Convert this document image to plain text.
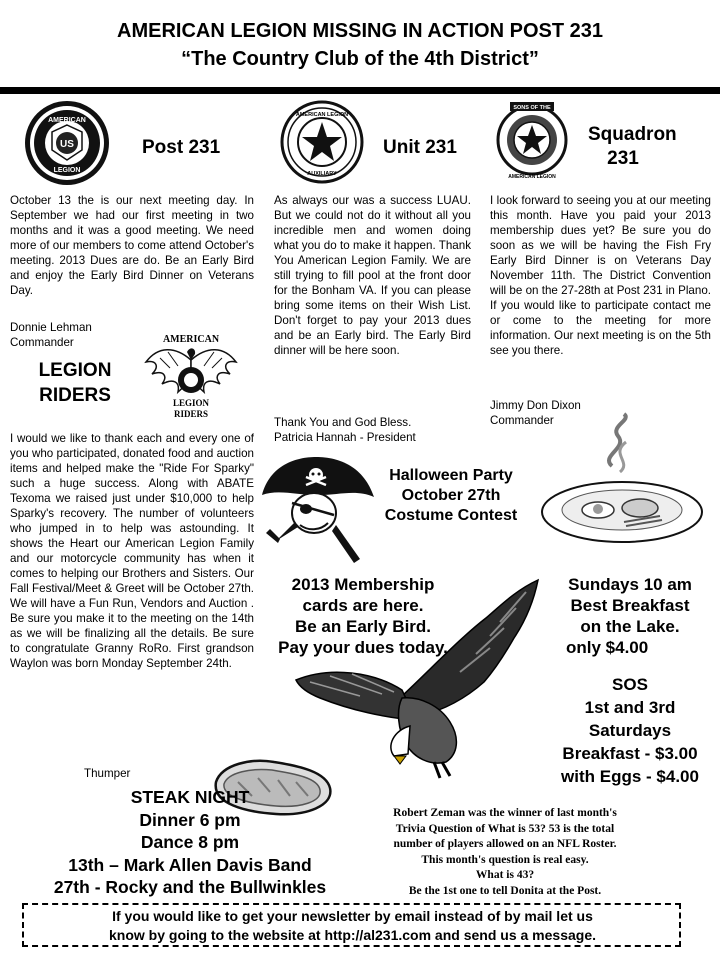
AMERICAN LEGION MISSING IN ACTION POST 231
“The Country Club of the 4th District”
US
AMERICAN
LEGION
Post 231
October 13 the is our next meeting day. In September we had our first meeting in two months and it was a good meeting. We need more of our members to come attend October's meeting. 2013 Dues are do. Be an Early Bird and enjoy the Early Bird Dinner on Veterans Day.
Donnie Lehman
Commander
AMERICAN LEGION
AUXILIARY
Unit 231
As always our was a success LUAU. But we could not do it without all you incredible men and women doing what you do to make it happen. Thank You American Legion Family. We are still trying to fill pool at the front door for the Bonham VA. If you can please bring some items on their Wish List. Don't forget to pay your 2013 dues and be an Early bird. The Early Bird dinner will be here soon.
Thank You and God Bless.
Patricia Hannah - President
SONS OF THE
AMERICAN LEGION
Squadron
231
I look forward to seeing you at our meeting this month. Have you paid your 2013 membership dues yet? Be sure you do soon as we will be having the Fish Fry Early Bird Dinner is on Veterans Day November 11th. The District Convention will be on the 27-28th at Post 231 in Plano. If you would like to participate contact me or come to the meeting for more information. Our next meeting is on the 5th see you there.
Jimmy Don Dixon
Commander
LEGION
RIDERS
AMERICAN
LEGION
RIDERS
I would we like to thank each and every one of you who participated, donated food and auction items and helped make the "Ride For Sparky" such a huge success. Along with ABATE Texoma we raised just under $10,000 to help Sparky's recovery. The number of volunteers who jumped in to help was astounding. It shows the Heart our American Legion Family and our motorcycle community has when it comes to helping our Brothers and Sisters. Our Fall Festival/Meet & Greet will be October 27th. We will have a Fun Run, Vendors and Auction . Be sure you make it to the meeting on the 14th as we will be finalizing all the details. Be sure to congratulate Granny RoRo. First grandson Waylon was born Monday September 24th.
Thumper
Halloween Party
October 27th
Costume Contest
2013 Membership
cards are here.
Be an Early Bird.
Pay your dues today.
Sundays 10 am
Best Breakfast
on the Lake.
only $4.00
SOS
1st and 3rd
Saturdays
Breakfast - $3.00
with Eggs - $4.00
STEAK NIGHT
Dinner 6 pm
Dance 8 pm
13th – Mark Allen Davis Band
27th - Rocky and the Bullwinkles
Robert Zeman was the winner of last month's
Trivia Question of What is 53? 53 is the total
number of players allowed on an NFL Roster.
This month's question is real easy.
What is 43?
Be the 1st one to tell Donita at the Post.
If you would like to get your newsletter by email instead of by mail let us
know by going to the website at http://al231.com and send us a message.
